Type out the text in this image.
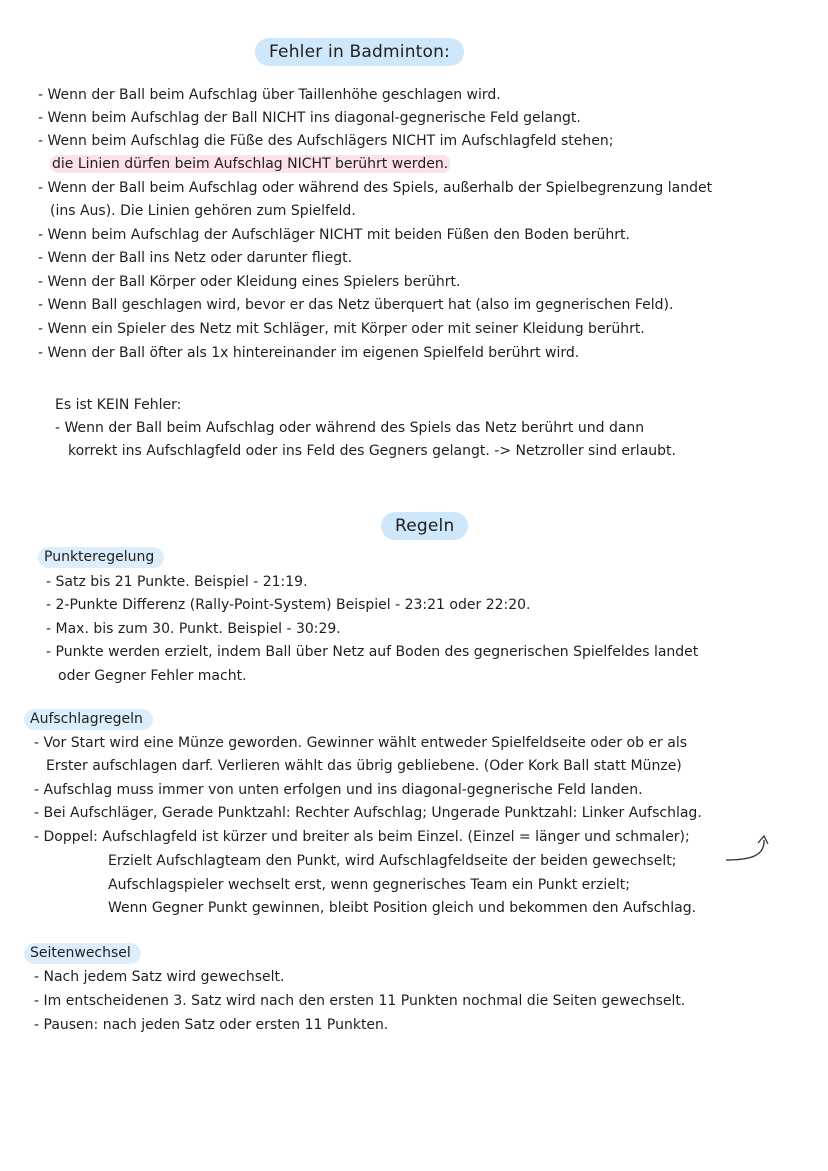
Fehler in Badminton:
- Wenn der Ball beim Aufschlag über Taillenhöhe geschlagen wird.
- Wenn beim Aufschlag der Ball NICHT ins diagonal-gegnerische Feld gelangt.
- Wenn beim Aufschlag die Füße des Aufschlägers NICHT im Aufschlagfeld stehen;
die Linien dürfen beim Aufschlag NICHT berührt werden.
- Wenn der Ball beim Aufschlag oder während des Spiels, außerhalb der Spielbegrenzung landet
(ins Aus). Die Linien gehören zum Spielfeld.
- Wenn beim Aufschlag der Aufschläger NICHT mit beiden Füßen den Boden berührt.
- Wenn der Ball ins Netz oder darunter fliegt.
- Wenn der Ball Körper oder Kleidung eines Spielers berührt.
- Wenn Ball geschlagen wird, bevor er das Netz überquert hat (also im gegnerischen Feld).
- Wenn ein Spieler des Netz mit Schläger, mit Körper oder mit seiner Kleidung berührt.
- Wenn der Ball öfter als 1x hintereinander im eigenen Spielfeld berührt wird.
Es ist KEIN Fehler:
- Wenn der Ball beim Aufschlag oder während des Spiels das Netz berührt und dann
korrekt ins Aufschlagfeld oder ins Feld des Gegners gelangt. -> Netzroller sind erlaubt.
Regeln
Punkteregelung
- Satz bis 21 Punkte. Beispiel - 21:19.
- 2-Punkte Differenz (Rally-Point-System) Beispiel - 23:21 oder 22:20.
- Max. bis zum 30. Punkt. Beispiel - 30:29.
- Punkte werden erzielt, indem Ball über Netz auf Boden des gegnerischen Spielfeldes landet
oder Gegner Fehler macht.
Aufschlagregeln
- Vor Start wird eine Münze geworden. Gewinner wählt entweder Spielfeldseite oder ob er als
Erster aufschlagen darf. Verlieren wählt das übrig gebliebene. (Oder Kork Ball statt Münze)
- Aufschlag muss immer von unten erfolgen und ins diagonal-gegnerische Feld landen.
- Bei Aufschläger, Gerade Punktzahl: Rechter Aufschlag; Ungerade Punktzahl: Linker Aufschlag.
- Doppel: Aufschlagfeld ist kürzer und breiter als beim Einzel. (Einzel = länger und schmaler);
Erzielt Aufschlagteam den Punkt, wird Aufschlagfeldseite der beiden gewechselt;
Aufschlagspieler wechselt erst, wenn gegnerisches Team ein Punkt erzielt;
Wenn Gegner Punkt gewinnen, bleibt Position gleich und bekommen den Aufschlag.
Seitenwechsel
- Nach jedem Satz wird gewechselt.
- Im entscheidenen 3. Satz wird nach den ersten 11 Punkten nochmal die Seiten gewechselt.
- Pausen: nach jeden Satz oder ersten 11 Punkten.
